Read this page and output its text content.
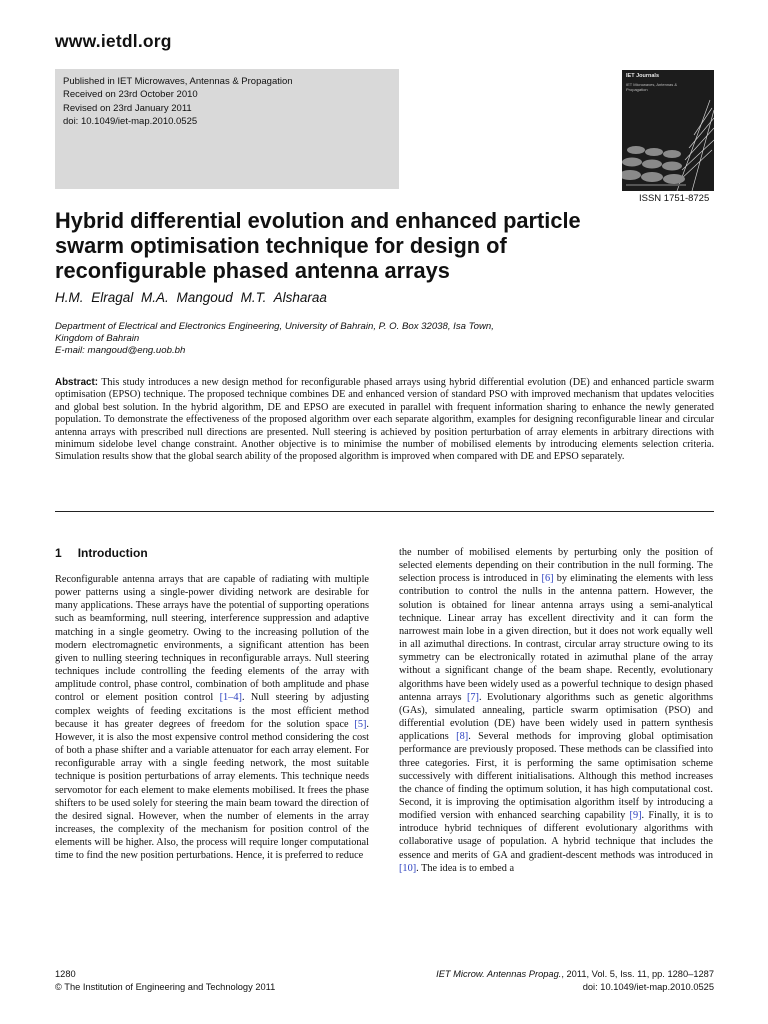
www.ietdl.org
Published in IET Microwaves, Antennas & Propagation
Received on 23rd October 2010
Revised on 23rd January 2011
doi: 10.1049/iet-map.2010.0525
IET Journals
IET Microwaves, Antennas & Propagation
ISSN 1751-8725
Hybrid differential evolution and enhanced particle
swarm optimisation technique for design of
reconfigurable phased antenna arrays
H.M. Elragal M.A. Mangoud M.T. Alsharaa
Department of Electrical and Electronics Engineering, University of Bahrain, P. O. Box 32038, Isa Town,
Kingdom of Bahrain
E-mail: mangoud@eng.uob.bh
Abstract: This study introduces a new design method for reconfigurable phased arrays using hybrid differential evolution (DE) and enhanced particle swarm optimisation (EPSO) technique. The proposed technique combines DE and enhanced version of standard PSO with improved mechanism that updates velocities and global best solution. In the hybrid algorithm, DE and EPSO are executed in parallel with frequent information sharing to enhance the newly generated population. To demonstrate the effectiveness of the proposed algorithm over each separate algorithm, examples for designing reconfigurable linear and circular antenna arrays with prescribed null directions are presented. Null steering is achieved by position perturbation of array elements in arbitrary directions with minimum sidelobe level change constraint. Another objective is to minimise the number of mobilised elements by introducing elements selection criteria. Simulation results show that the global search ability of the proposed algorithm is improved when compared with DE and EPSO separately.
1 Introduction

Reconfigurable antenna arrays that are capable of radiating with multiple power patterns using a single-power dividing network are desirable for many applications. These arrays have the potential of supporting operations such as beamforming, null steering, interference suppression and adaptive matching in a single geometry. Owing to the increasing pollution of the modern electromagnetic environments, a significant attention has been given to nulling steering techniques in reconfigurable arrays. Null steering techniques include controlling the feeding elements of the array with amplitude control, phase control, combination of both amplitude and phase control or element position control [1–4]. Null steering by adjusting complex weights of feeding excitations is the most efficient method because it has greater degrees of freedom for the solution space [5]. However, it is also the most expensive control method considering the cost of both a phase shifter and a variable attenuator for each array element. For reconfigurable array with a single feeding network, the most suitable technique is position perturbations of array elements. This technique needs servomotor for each element to make elements mobilised. It frees the phase shifters to be used solely for steering the main beam toward the direction of the desired signal. However, when the number of elements in the array increases, the complexity of the mechanism for position control of the elements will be higher. Also, the process will require longer computational time to find the new position perturbations. Hence, it is preferred to reduce

the number of mobilised elements by perturbing only the position of selected elements depending on their contribution in the null forming. The selection process is introduced in [6] by eliminating the elements with less contribution to control the nulls in the antenna pattern. However, the solution is obtained for linear antenna arrays using a semi-analytical technique. Linear array has excellent directivity and it can form the narrowest main lobe in a given direction, but it does not work equally well in all azimuthal directions. In contrast, circular array structure owing to its symmetry can be electronically rotated in azimuthal plane of the array without a significant change of the beam shape. Recently, evolutionary algorithms have been widely used as a powerful technique to design phased antenna arrays [7]. Evolutionary algorithms such as genetic algorithms (GAs), simulated annealing, particle swarm optimisation (PSO) and differential evolution (DE) have been widely used in pattern synthesis applications [8]. Several methods for improving global optimisation performance are previously proposed. These methods can be classified into three categories. First, it is performing the same optimisation scheme successively with different initialisations. Although this method increases the chance of finding the optimum solution, it has high computational cost. Second, it is improving the optimisation algorithm itself by introducing a modified version with enhanced searching capability [9]. Finally, it is to introduce hybrid techniques of different evolutionary algorithms with collaborative usage of population. A hybrid technique that includes the essence and merits of GA and gradient-descent methods was introduced in [10]. The idea is to embed a

1280
© The Institution of Engineering and Technology 2011
IET Microw. Antennas Propag., 2011, Vol. 5, Iss. 11, pp. 1280–1287
doi: 10.1049/iet-map.2010.0525
